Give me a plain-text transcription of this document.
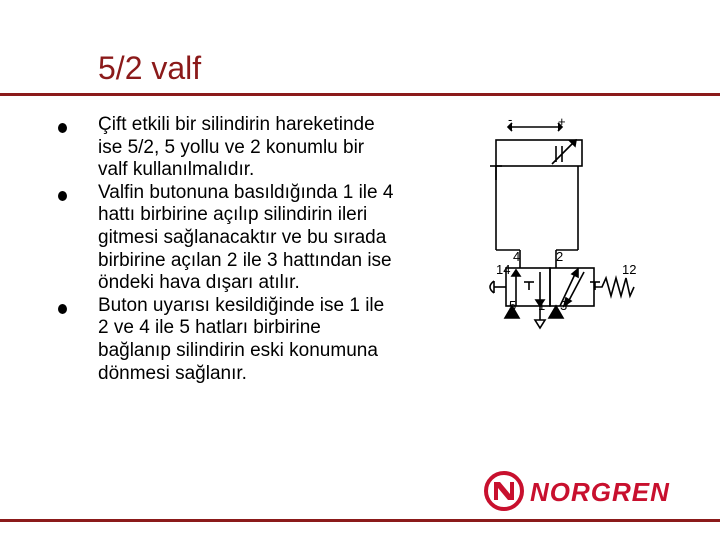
5/2 valf
Çift etkili bir silindirin hareketinde ise 5/2, 5 yollu ve 2 konumlu bir valf kullanılmalıdır.
Valfin butonuna basıldığında 1 ile 4 hattı birbirine açılıp silindirin ileri gitmesi sağlanacaktır ve bu sırada birbirine açılan 2 ile 3 hattından ise öndeki hava dışarı atılır.
Buton uyarısı kesildiğinde ise 1 ile 2 ve 4 ile 5 hatları birbirine bağlanıp silindirin eski konumuna dönmesi sağlanır.
-	+
4	2
14	12
5 1 3
NORGREN
